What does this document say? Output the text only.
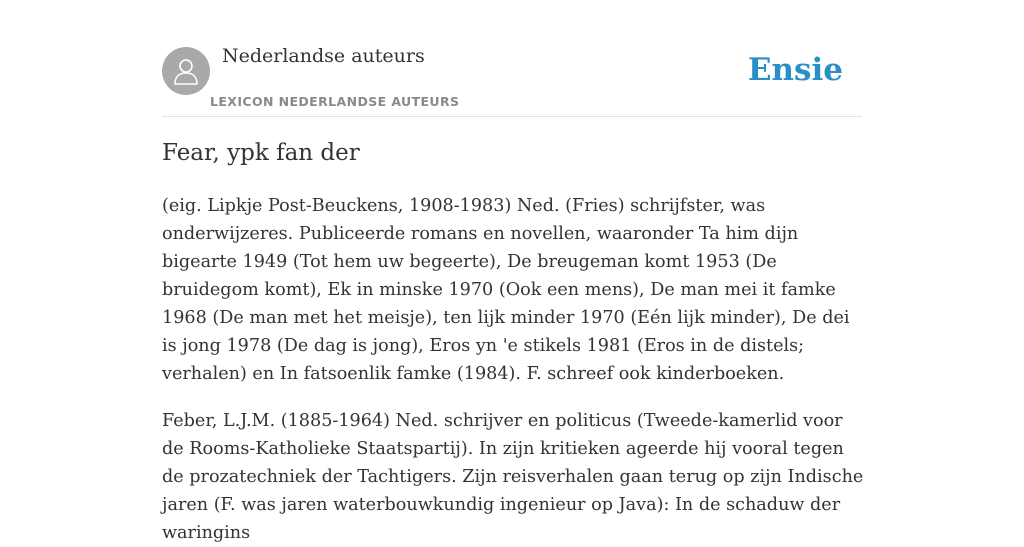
Nederlandse auteurs
LEXICON NEDERLANDSE AUTEURS
Ensie
Fear, ypk fan der

(eig. Lipkje Post-Beuckens, 1908-1983) Ned. (Fries) schrijfster, was onderwijzeres. Publiceerde romans en novellen, waaronder Ta him dijn bigearte 1949 (Tot hem uw begeerte), De breugeman komt 1953 (De bruidegom komt), Ek in minske 1970 (Ook een mens), De man mei it famke 1968 (De man met het meisje), ten lijk minder 1970 (Eén lijk minder), De dei is jong 1978 (De dag is jong), Eros yn 'e stikels 1981 (Eros in de distels; verhalen) en In fatsoenlik famke (1984). F. schreef ook kinderboeken.

Feber, L.J.M. (1885-1964) Ned. schrijver en politicus (Tweede-kamerlid voor de Rooms-Katholieke Staatspartij). In zijn kritieken ageerde hij vooral tegen de prozatechniek der Tachtigers. Zijn reisverhalen gaan terug op zijn Indische jaren (F. was jaren waterbouwkundig ingenieur op Java): In de schaduw der waringins
